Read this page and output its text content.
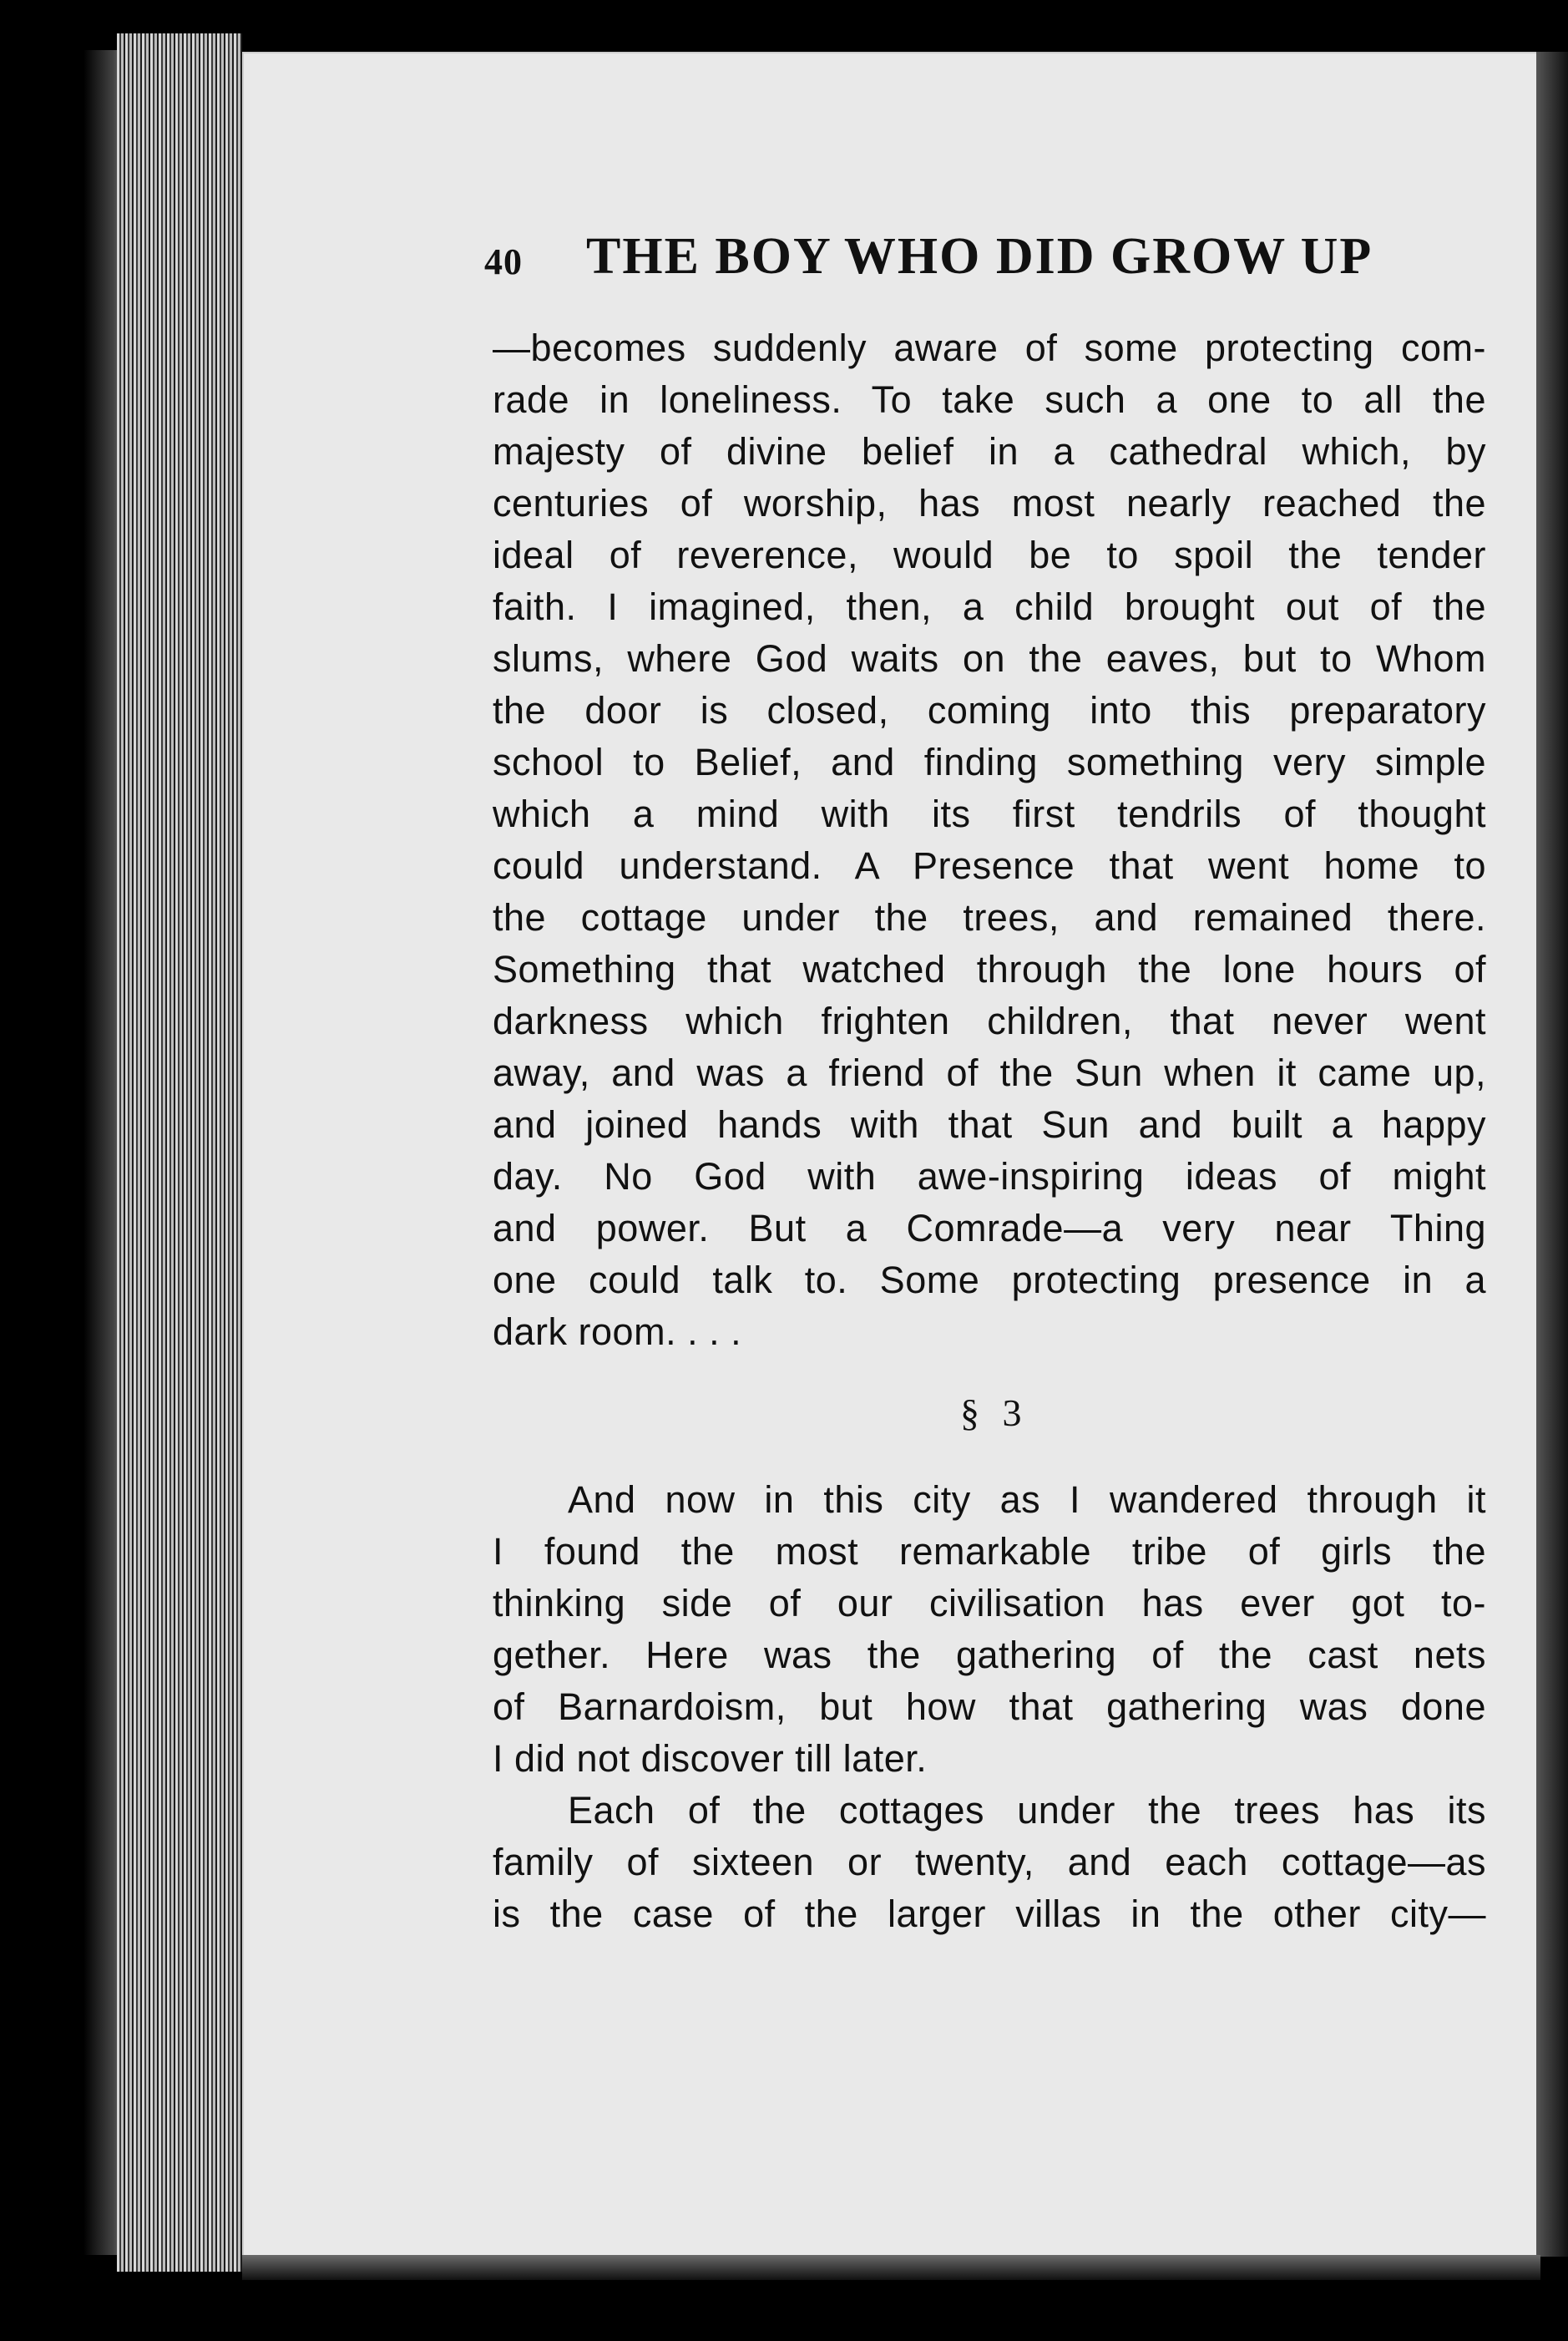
40 THE BOY WHO DID GROW UP
—becomes suddenly aware of some protecting com-
rade in loneliness. To take such a one to all the
majesty of divine belief in a cathedral which, by
centuries of worship, has most nearly reached the
ideal of reverence, would be to spoil the tender
faith. I imagined, then, a child brought out of the
slums, where God waits on the eaves, but to Whom
the door is closed, coming into this preparatory
school to Belief, and finding something very simple
which a mind with its first tendrils of thought
could understand. A Presence that went home to
the cottage under the trees, and remained there.
Something that watched through the lone hours of
darkness which frighten children, that never went
away, and was a friend of the Sun when it came up,
and joined hands with that Sun and built a happy
day. No God with awe-inspiring ideas of might
and power. But a Comrade—a very near Thing
one could talk to. Some protecting presence in a
dark room. . . .
§ 3
And now in this city as I wandered through it
I found the most remarkable tribe of girls the
thinking side of our civilisation has ever got to-
gether. Here was the gathering of the cast nets
of Barnardoism, but how that gathering was done
I did not discover till later.
Each of the cottages under the trees has its
family of sixteen or twenty, and each cottage—as
is the case of the larger villas in the other city—
